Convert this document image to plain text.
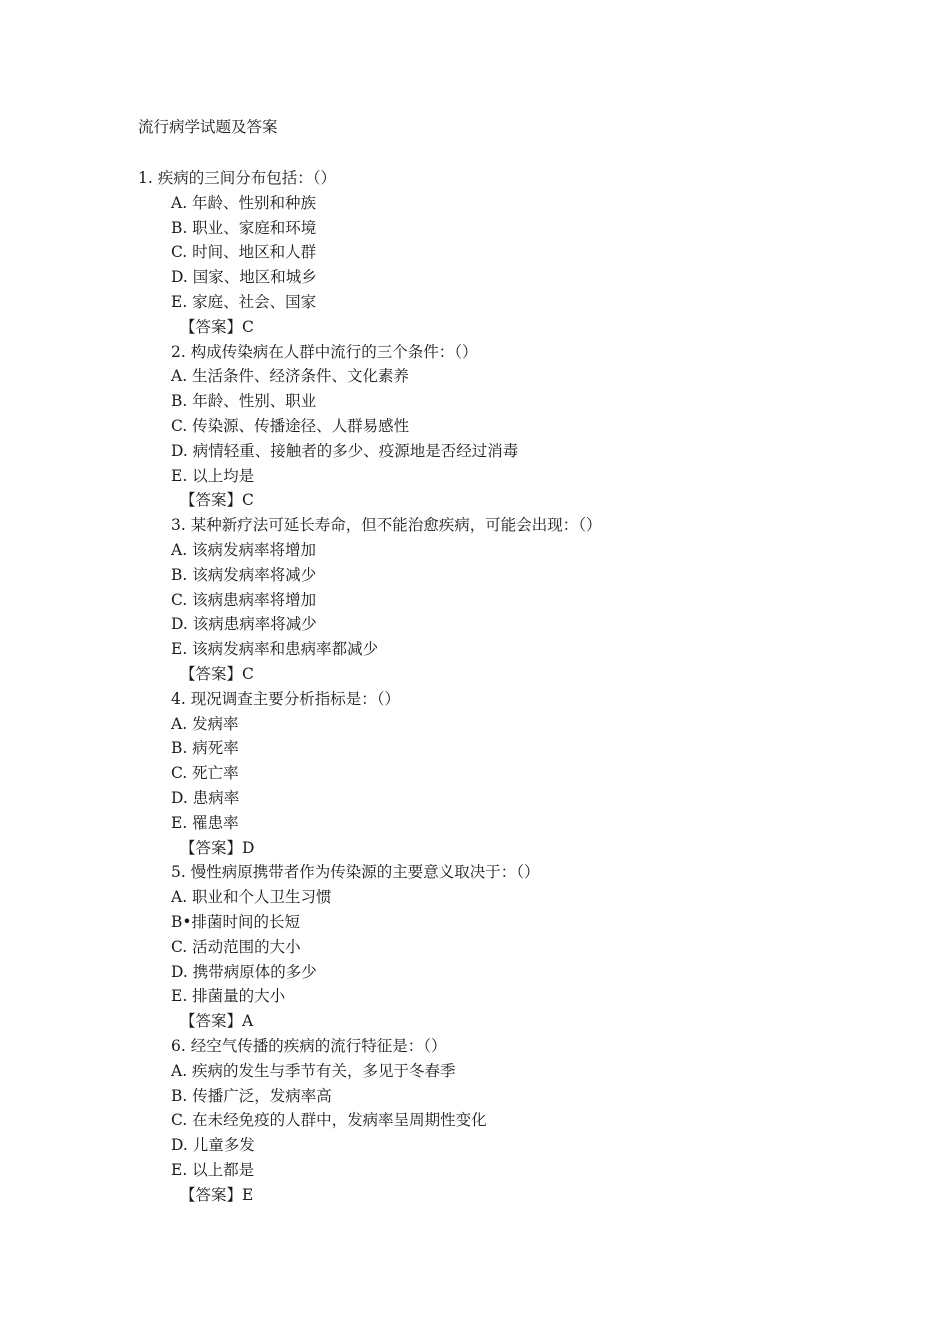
流行病学试题及答案
1. 疾病的三间分布包括：（）
A. 年龄、性别和种族
B. 职业、家庭和环境
C. 时间、地区和人群
D. 国家、地区和城乡
E. 家庭、社会、国家
【答案】C
2. 构成传染病在人群中流行的三个条件：（）
A. 生活条件、经济条件、文化素养
B. 年龄、性别、职业
C. 传染源、传播途径、人群易感性
D. 病情轻重、接触者的多少、疫源地是否经过消毒
E. 以上均是
【答案】C
3. 某种新疗法可延长寿命，但不能治愈疾病，可能会出现：（）
A. 该病发病率将增加
B. 该病发病率将减少
C. 该病患病率将增加
D. 该病患病率将减少
E. 该病发病率和患病率都减少
【答案】C
4. 现况调查主要分析指标是：（）
A. 发病率
B. 病死率
C. 死亡率
D. 患病率
E. 罹患率
【答案】D
5. 慢性病原携带者作为传染源的主要意义取决于：（）
A. 职业和个人卫生习惯
B•排菌时间的长短
C. 活动范围的大小
D. 携带病原体的多少
E. 排菌量的大小
【答案】A
6. 经空气传播的疾病的流行特征是：（）
A. 疾病的发生与季节有关，多见于冬春季
B. 传播广泛，发病率高
C. 在未经免疫的人群中，发病率呈周期性变化
D. 儿童多发
E. 以上都是
【答案】E
